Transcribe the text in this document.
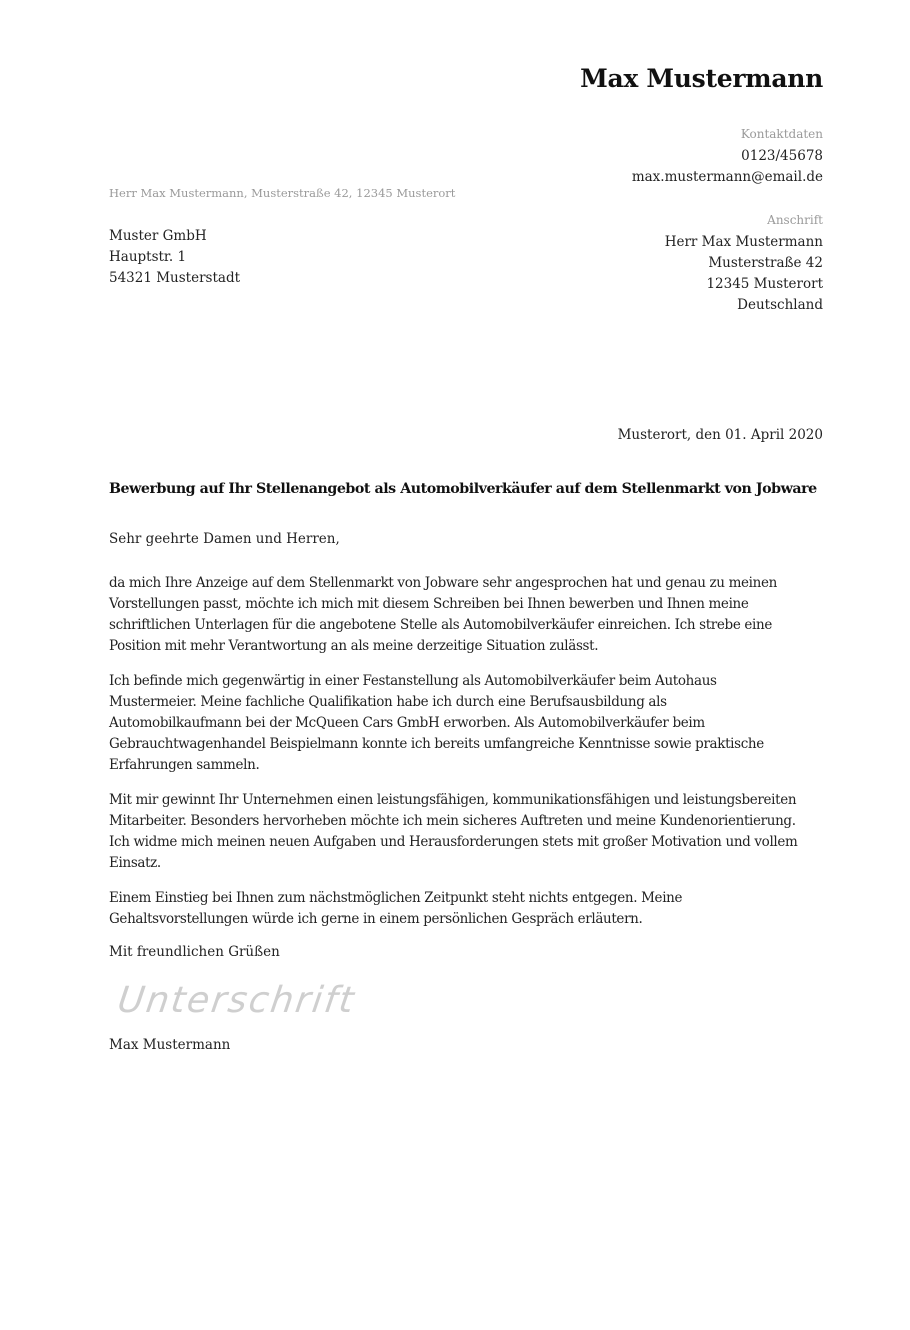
Max Mustermann
Kontaktdaten
0123/45678
max.mustermann@email.de
Herr Max Mustermann, Musterstraße 42, 12345 Musterort
Anschrift
Herr Max Mustermann
Musterstraße 42
12345 Musterort
Deutschland
Muster GmbH
Hauptstr. 1
54321 Musterstadt
Musterort, den 01. April 2020
Bewerbung auf Ihr Stellenangebot als Automobilverkäufer auf dem Stellenmarkt von Jobware
Sehr geehrte Damen und Herren,

da mich Ihre Anzeige auf dem Stellenmarkt von Jobware sehr angesprochen hat und genau zu meinen Vorstellungen passt, möchte ich mich mit diesem Schreiben bei Ihnen bewerben und Ihnen meine schriftlichen Unterlagen für die angebotene Stelle als Automobilverkäufer einreichen. Ich strebe eine Position mit mehr Verantwortung an als meine derzeitige Situation zulässt.

Ich befinde mich gegenwärtig in einer Festanstellung als Automobilverkäufer beim Autohaus Mustermeier. Meine fachliche Qualifikation habe ich durch eine Berufsausbildung als Automobilkaufmann bei der McQueen Cars GmbH erworben. Als Automobilverkäufer beim Gebrauchtwagenhandel Beispielmann konnte ich bereits umfangreiche Kenntnisse sowie praktische Erfahrungen sammeln.

Mit mir gewinnt Ihr Unternehmen einen leistungsfähigen, kommunikationsfähigen und leistungsbereiten Mitarbeiter. Besonders hervorheben möchte ich mein sicheres Auftreten und meine Kundenorientierung. Ich widme mich meinen neuen Aufgaben und Herausforderungen stets mit großer Motivation und vollem Einsatz.

Einem Einstieg bei Ihnen zum nächstmöglichen Zeitpunkt steht nichts entgegen. Meine Gehaltsvorstellungen würde ich gerne in einem persönlichen Gespräch erläutern.

Mit freundlichen Grüßen
Unterschrift
Max Mustermann
